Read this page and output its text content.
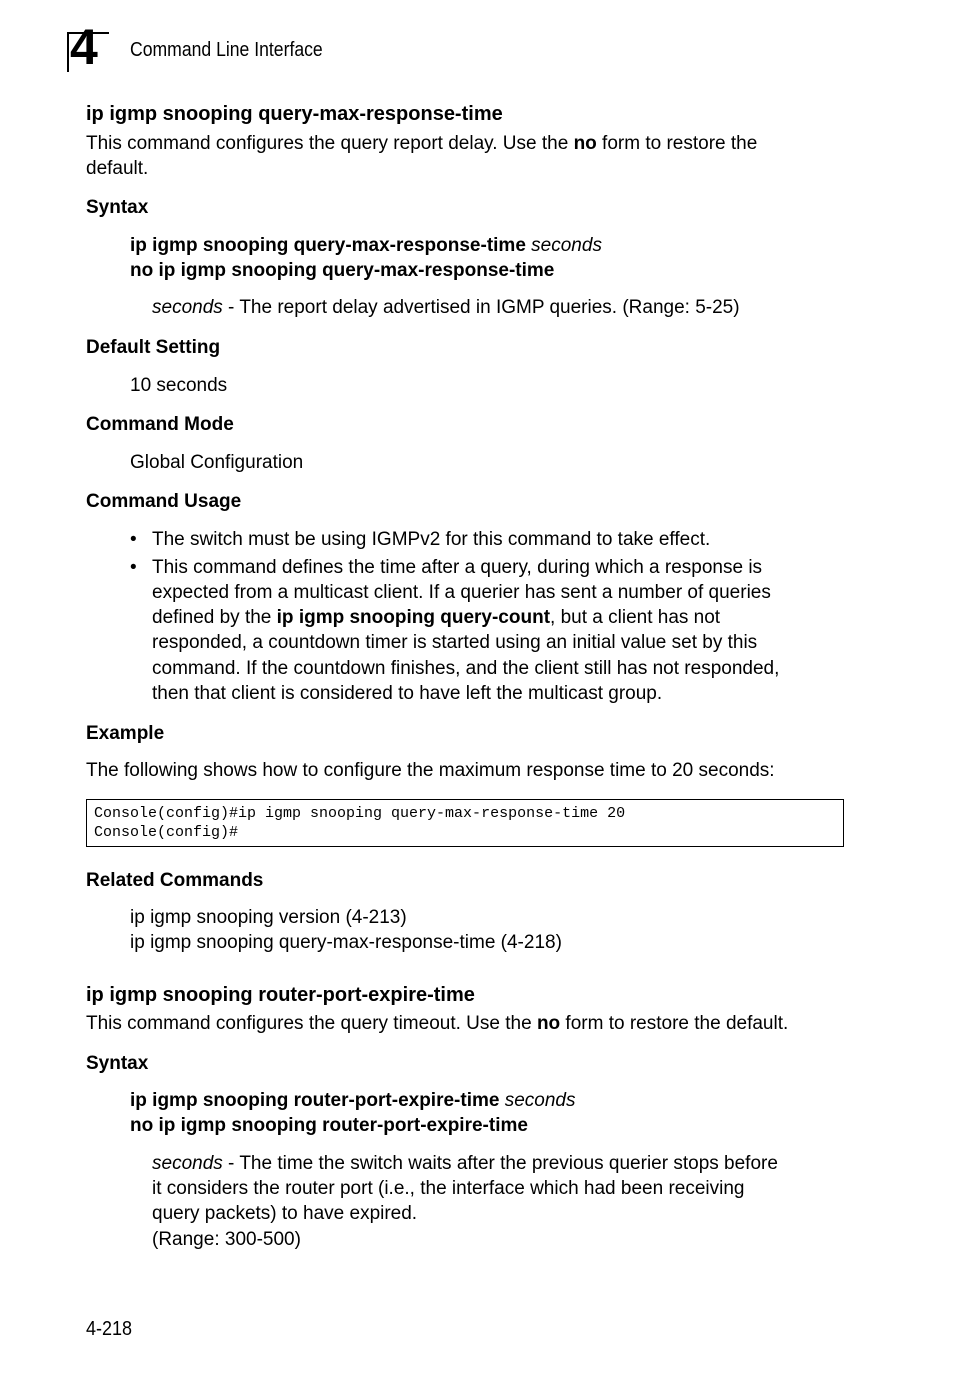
4 Command Line Interface
ip igmp snooping query-max-response-time
This command configures the query report delay. Use the no form to restore the
default.
Syntax
ip igmp snooping query-max-response-time seconds
no ip igmp snooping query-max-response-time
seconds - The report delay advertised in IGMP queries. (Range: 5-25)
Default Setting
10 seconds
Command Mode
Global Configuration
Command Usage
• The switch must be using IGMPv2 for this command to take effect.
• This command defines the time after a query, during which a response is
expected from a multicast client. If a querier has sent a number of queries
defined by the ip igmp snooping query-count, but a client has not
responded, a countdown timer is started using an initial value set by this
command. If the countdown finishes, and the client still has not responded,
then that client is considered to have left the multicast group.
Example
The following shows how to configure the maximum response time to 20 seconds:
Console(config)#ip igmp snooping query-max-response-time 20
Console(config)#
Related Commands
ip igmp snooping version (4-213)
ip igmp snooping query-max-response-time (4-218)
ip igmp snooping router-port-expire-time
This command configures the query timeout. Use the no form to restore the default.
Syntax
ip igmp snooping router-port-expire-time seconds
no ip igmp snooping router-port-expire-time
seconds - The time the switch waits after the previous querier stops before
it considers the router port (i.e., the interface which had been receiving
query packets) to have expired.
(Range: 300-500)
4-218
